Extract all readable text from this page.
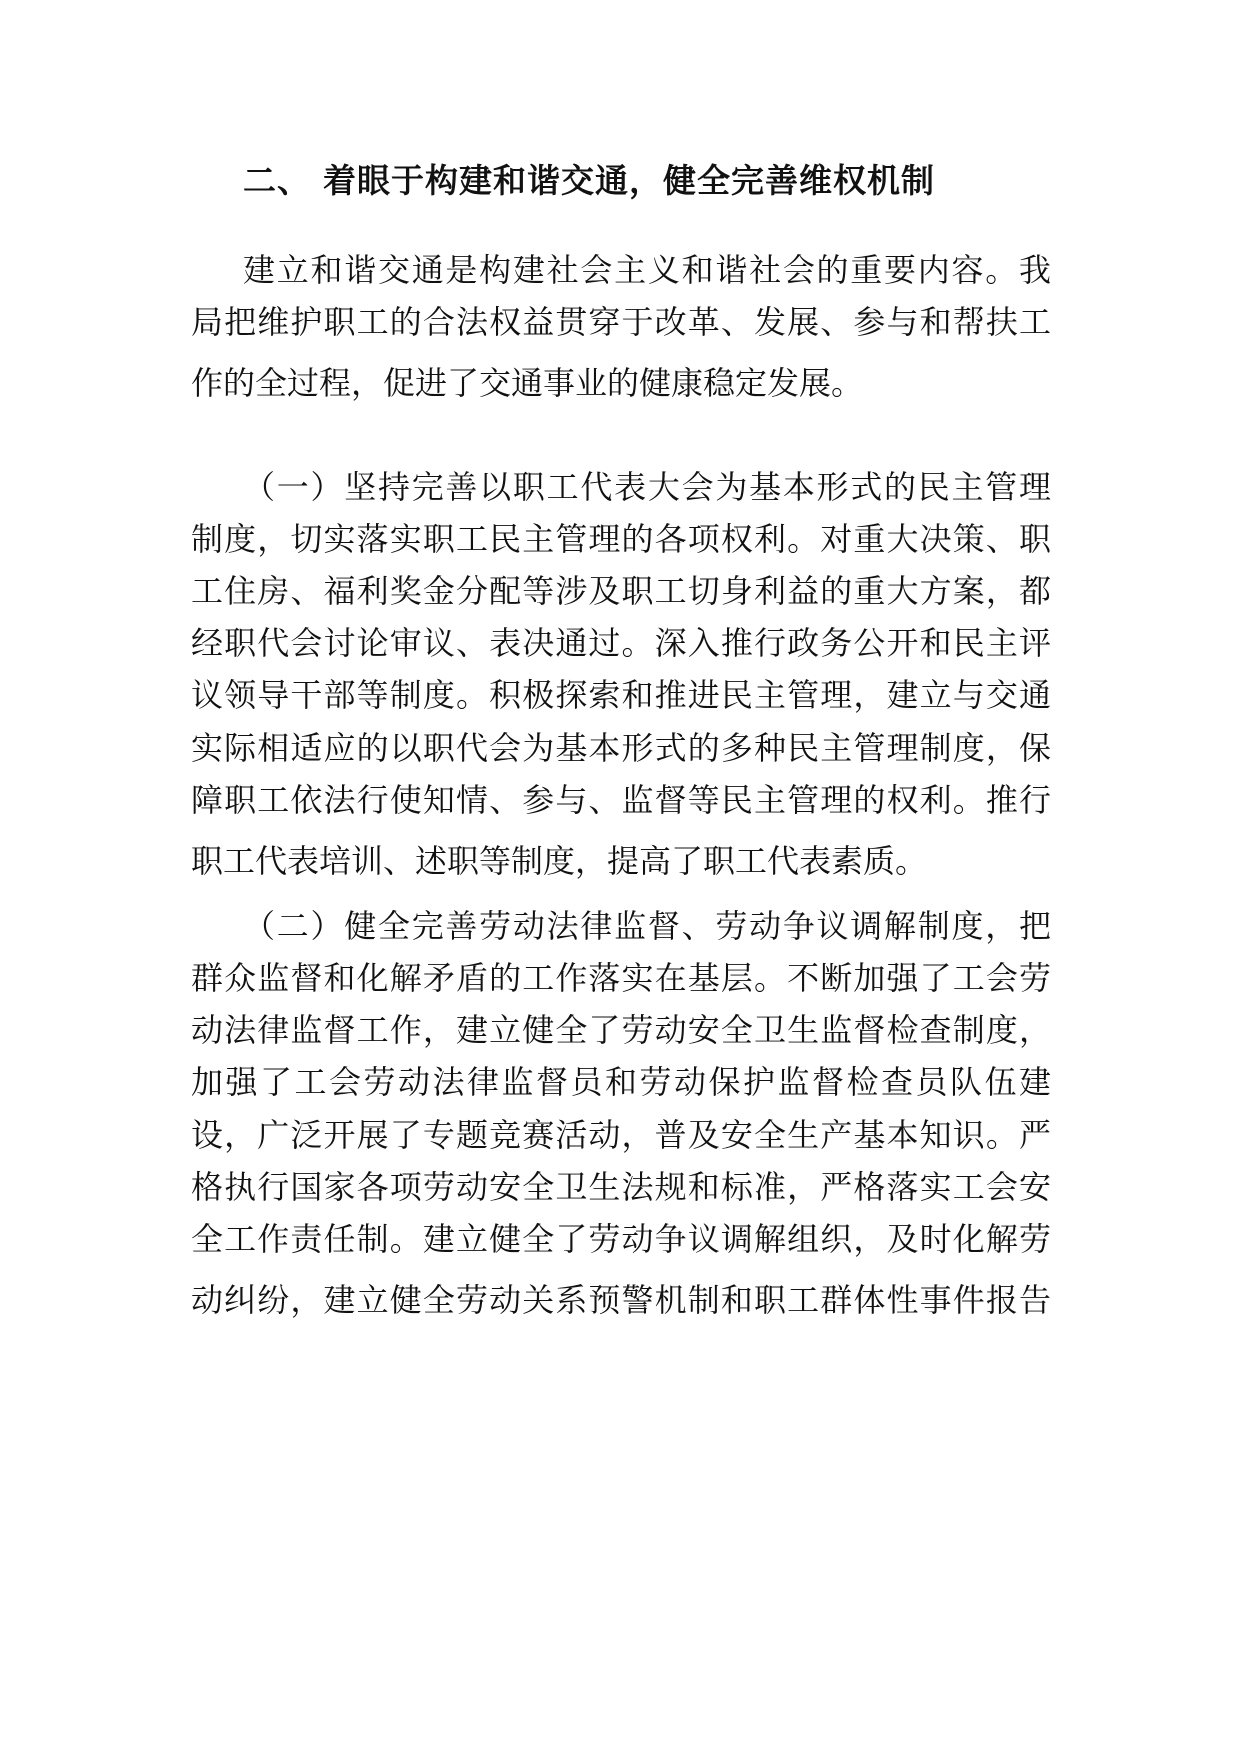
二、 着眼于构建和谐交通，健全完善维权机制
建立和谐交通是构建社会主义和谐社会的重要内容。我
局把维护职工的合法权益贯穿于改革、发展、参与和帮扶工
作的全过程，促进了交通事业的健康稳定发展。
（一）坚持完善以职工代表大会为基本形式的民主管理
制度，切实落实职工民主管理的各项权利。对重大决策、职
工住房、福利奖金分配等涉及职工切身利益的重大方案，都
经职代会讨论审议、表决通过。深入推行政务公开和民主评
议领导干部等制度。积极探索和推进民主管理，建立与交通
实际相适应的以职代会为基本形式的多种民主管理制度，保
障职工依法行使知情、参与、监督等民主管理的权利。推行
职工代表培训、述职等制度，提高了职工代表素质。
（二）健全完善劳动法律监督、劳动争议调解制度，把
群众监督和化解矛盾的工作落实在基层。不断加强了工会劳
动法律监督工作，建立健全了劳动安全卫生监督检查制度，
加强了工会劳动法律监督员和劳动保护监督检查员队伍建
设，广泛开展了专题竞赛活动，普及安全生产基本知识。严
格执行国家各项劳动安全卫生法规和标准，严格落实工会安
全工作责任制。建立健全了劳动争议调解组织，及时化解劳
动纠纷，建立健全劳动关系预警机制和职工群体性事件报告
